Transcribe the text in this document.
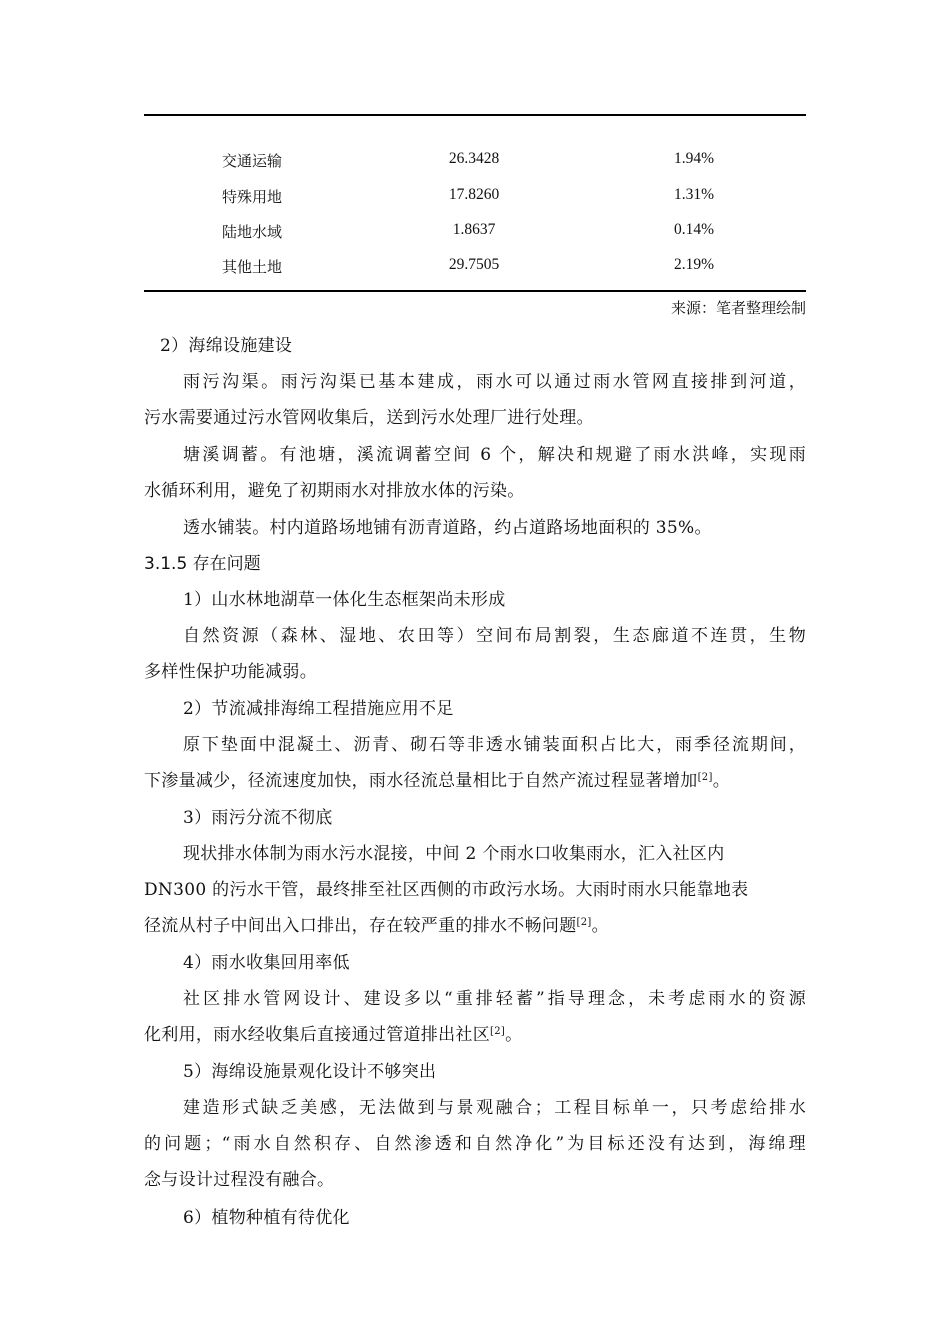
交通运输	26.3428	1.94%
特殊用地	17.8260	1.31%
陆地水域	1.8637	0.14%
其他土地	29.7505	2.19%
来源：笔者整理绘制
2）海绵设施建设
雨污沟渠。雨污沟渠已基本建成，雨水可以通过雨水管网直接排到河道，
污水需要通过污水管网收集后，送到污水处理厂进行处理。
塘溪调蓄。有池塘，溪流调蓄空间 6 个，解决和规避了雨水洪峰，实现雨
水循环利用，避免了初期雨水对排放水体的污染。
透水铺装。村内道路场地铺有沥青道路，约占道路场地面积的 35%。
3.1.5 存在问题
1）山水林地湖草一体化生态框架尚未形成
自然资源（森林、湿地、农田等）空间布局割裂，生态廊道不连贯，生物
多样性保护功能减弱。
2）节流减排海绵工程措施应用不足
原下垫面中混凝土、沥青、砌石等非透水铺装面积占比大，雨季径流期间，
下渗量减少，径流速度加快，雨水径流总量相比于自然产流过程显著增加[2]。
3）雨污分流不彻底
现状排水体制为雨水污水混接，中间 2 个雨水口收集雨水，汇入社区内
DN300 的污水干管，最终排至社区西侧的市政污水场。大雨时雨水只能靠地表
径流从村子中间出入口排出，存在较严重的排水不畅问题[2]。
4）雨水收集回用率低
社区排水管网设计、建设多以“重排轻蓄”指导理念，未考虑雨水的资源
化利用，雨水经收集后直接通过管道排出社区[2]。
5）海绵设施景观化设计不够突出
建造形式缺乏美感，无法做到与景观融合；工程目标单一，只考虑给排水
的问题；“雨水自然积存、自然渗透和自然净化”为目标还没有达到，海绵理
念与设计过程没有融合。
6）植物种植有待优化
